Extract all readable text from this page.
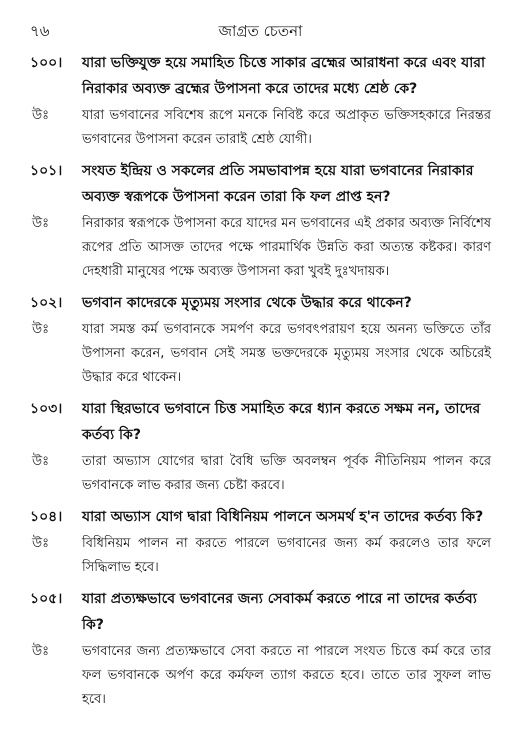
৭৬	জাগ্রত চেতনা
১০০।	যারা ভক্তিযুক্ত হয়ে সমাহিত চিত্তে সাকার ব্রহ্মের আরাধনা করে এবং যারা নিরাকার অব্যক্ত ব্রহ্মের উপাসনা করে তাদের মধ্যে শ্রেষ্ঠ কে?
উঃ	যারা ভগবানের সবিশেষ রূপে মনকে নিবিষ্ট করে অপ্রাকৃত ভক্তিসহকারে নিরন্তর ভগবানের উপাসনা করেন তারাই শ্রেষ্ঠ যোগী।
১০১।	সংযত ইন্দ্রিয় ও সকলের প্রতি সমভাবাপন্ন হয়ে যারা ভগবানের নিরাকার অব্যক্ত স্বরূপকে উপাসনা করেন তারা কি ফল প্রাপ্ত হন?
উঃ	নিরাকার স্বরূপকে উপাসনা করে যাদের মন ভগবানের এই প্রকার অব্যক্ত নির্বিশেষ রূপের প্রতি আসক্ত তাদের পক্ষে পারমার্থিক উন্নতি করা অত্যন্ত কষ্টকর। কারণ দেহধারী মানুষের পক্ষে অব্যক্ত উপাসনা করা খুবই দুঃখদায়ক।
১০২।	ভগবান কাদেরকে মৃত্যুময় সংসার থেকে উদ্ধার করে থাকেন?
উঃ	যারা সমস্ত কর্ম ভগবানকে সমর্পণ করে ভগবৎপরায়ণ হয়ে অনন্য ভক্তিতে তাঁর উপাসনা করেন, ভগবান সেই সমস্ত ভক্তদেরকে মৃত্যুময় সংসার থেকে অচিরেই উদ্ধার করে থাকেন।
১০৩।	যারা স্থিরভাবে ভগবানে চিত্ত সমাহিত করে ধ্যান করতে সক্ষম নন, তাদের কর্তব্য কি?
উঃ	তারা অভ্যাস যোগের দ্বারা বৈধি ভক্তি অবলম্বন পূর্বক নীতিনিয়ম পালন করে ভগবানকে লাভ করার জন্য চেষ্টা করবে।
১০৪।	যারা অভ্যাস যোগ দ্বারা বিধিনিয়ম পালনে অসমর্থ হ'ন তাদের কর্তব্য কি?
উঃ	বিধিনিয়ম পালন না করতে পারলে ভগবানের জন্য কর্ম করলেও তার ফলে সিদ্ধিলাভ হবে।
১০৫।	যারা প্রত্যক্ষভাবে ভগবানের জন্য সেবাকর্ম করতে পারে না তাদের কর্তব্য কি?
উঃ	ভগবানের জন্য প্রত্যক্ষভাবে সেবা করতে না পারলে সংযত চিত্তে কর্ম করে তার ফল ভগবানকে অর্পণ করে কর্মফল ত্যাগ করতে হবে। তাতে তার সুফল লাভ হবে।
